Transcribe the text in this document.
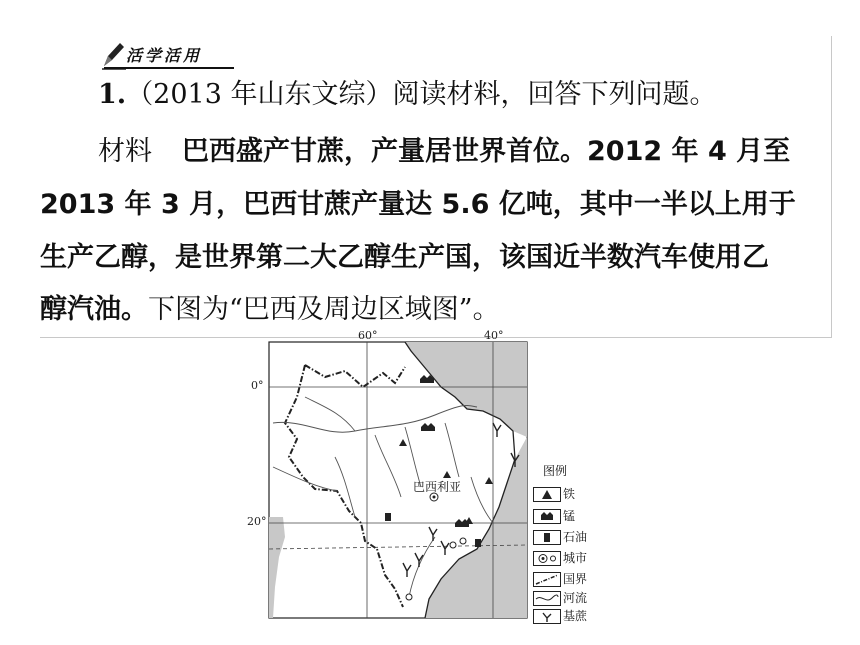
活学活用
1.（2013 年山东文综）阅读材料，回答下列问题。
材料 巴西盛产甘蔗，产量居世界首位。2012 年 4 月至
2013 年 3 月，巴西甘蔗产量达 5.6 亿吨，其中一半以上用于
生产乙醇，是世界第二大乙醇生产国，该国近半数汽车使用乙
醇汽油。下图为“巴西及周边区域图”。
60°	40°
0°
20°
巴西利亚
图例
铁
锰
石油
城市
国界
河流
基蔗
